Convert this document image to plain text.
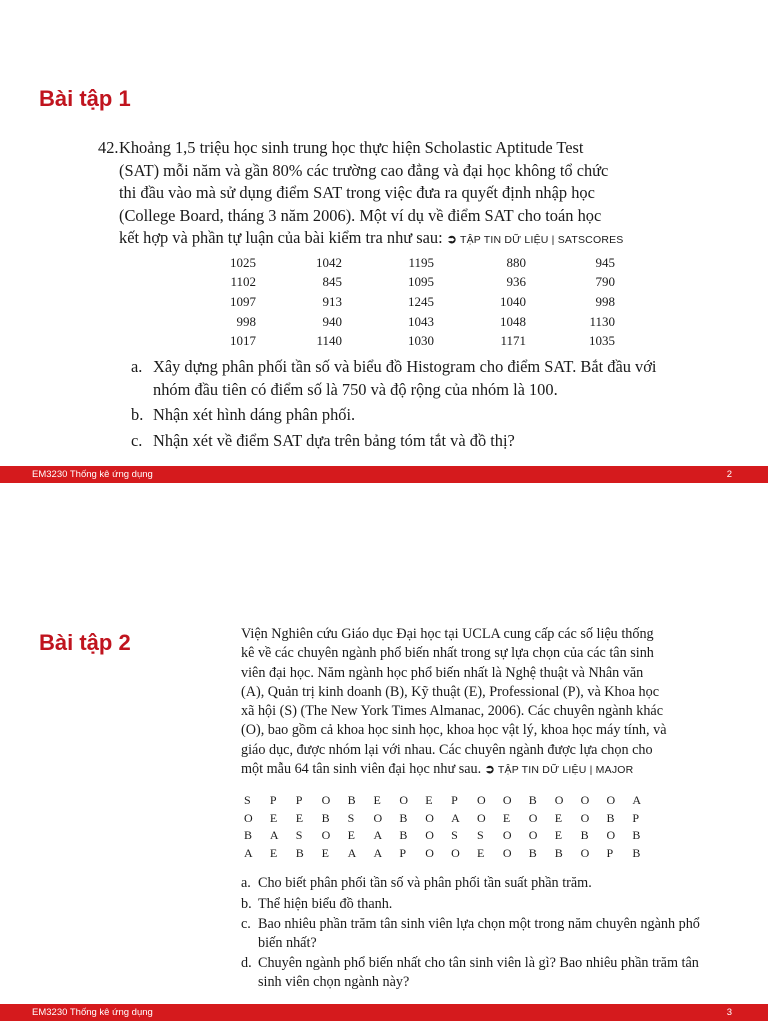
Bài tập 1
42. Khoảng 1,5 triệu học sinh trung học thực hiện Scholastic Aptitude Test
(SAT) mỗi năm và gần 80% các trường cao đẳng và đại học không tổ chức
thi đầu vào mà sử dụng điểm SAT trong việc đưa ra quyết định nhập học
(College Board, tháng 3 năm 2006). Một ví dụ về điểm SAT cho toán học
kết hợp và phần tự luận của bài kiểm tra như sau: ➲ TẬP TIN DỮ LIỆU | SATSCORES
1025	1042	1195	880	945
1102	845	1095	936	790
1097	913	1245	1040	998
998	940	1043	1048	1130
1017	1140	1030	1171	1035
a. Xây dựng phân phối tần số và biểu đồ Histogram cho điểm SAT. Bắt đầu với nhóm đầu tiên có điểm số là 750 và độ rộng của nhóm là 100.
b. Nhận xét hình dáng phân phối.
c. Nhận xét về điểm SAT dựa trên bảng tóm tắt và đồ thị?
EM3230 Thống kê ứng dụng	2
Bài tập 2	Viện Nghiên cứu Giáo dục Đại học tại UCLA cung cấp các số liệu thống
kê về các chuyên ngành phổ biến nhất trong sự lựa chọn của các tân sinh
viên đại học. Năm ngành học phổ biến nhất là Nghệ thuật và Nhân văn
(A), Quản trị kinh doanh (B), Kỹ thuật (E), Professional (P), và Khoa học
xã hội (S) (The New York Times Almanac, 2006). Các chuyên ngành khác
(O), bao gồm cả khoa học sinh học, khoa học vật lý, khoa học máy tính, và
giáo dục, được nhóm lại với nhau. Các chuyên ngành được lựa chọn cho
một mẫu 64 tân sinh viên đại học như sau. ➲ TẬP TIN DỮ LIỆU | MAJOR
S	P	P	O	B	E	O	E	P	O	O	B	O	O	O	A
O	E	E	B	S	O	B	O	A	O	E	O	E	O	B	P
B	A	S	O	E	A	B	O	S	S	O	O	E	B	O	B
A	E	B	E	A	A	P	O	O	E	O	B	B	O	P	B
a. Cho biết phân phối tần số và phân phối tần suất phần trăm.
b. Thể hiện biểu đồ thanh.
c. Bao nhiêu phần trăm tân sinh viên lựa chọn một trong năm chuyên ngành phổ biến nhất?
d. Chuyên ngành phổ biến nhất cho tân sinh viên là gì? Bao nhiêu phần trăm tân sinh viên chọn ngành này?
EM3230 Thống kê ứng dụng	3
